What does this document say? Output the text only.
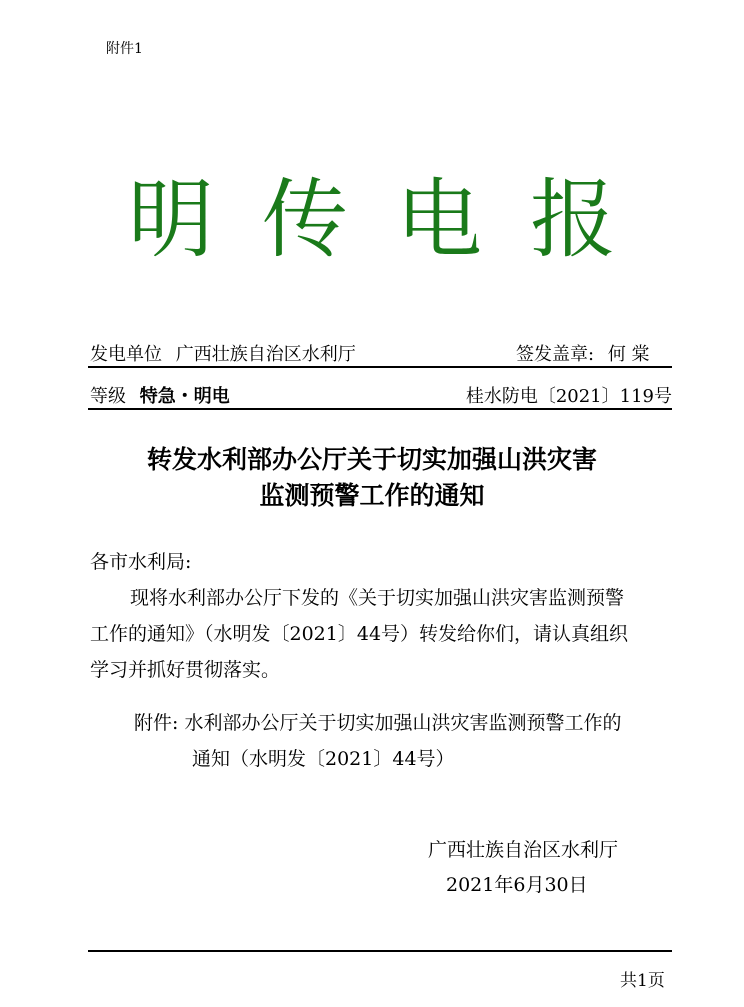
附件1
明传电报
发电单位 广西壮族自治区水利厅	签发盖章: 何 棠
等级 特急・明电	桂水防电〔2021〕119号
转发水利部办公厅关于切实加强山洪灾害
监测预警工作的通知
各市水利局:
现将水利部办公厅下发的《关于切实加强山洪灾害监测预警
工作的通知》（水明发〔2021〕44号）转发给你们，请认真组织
学习并抓好贯彻落实。
附件: 水利部办公厅关于切实加强山洪灾害监测预警工作的
通知（水明发〔2021〕44号）
广西壮族自治区水利厅
2021年6月30日
共1页
